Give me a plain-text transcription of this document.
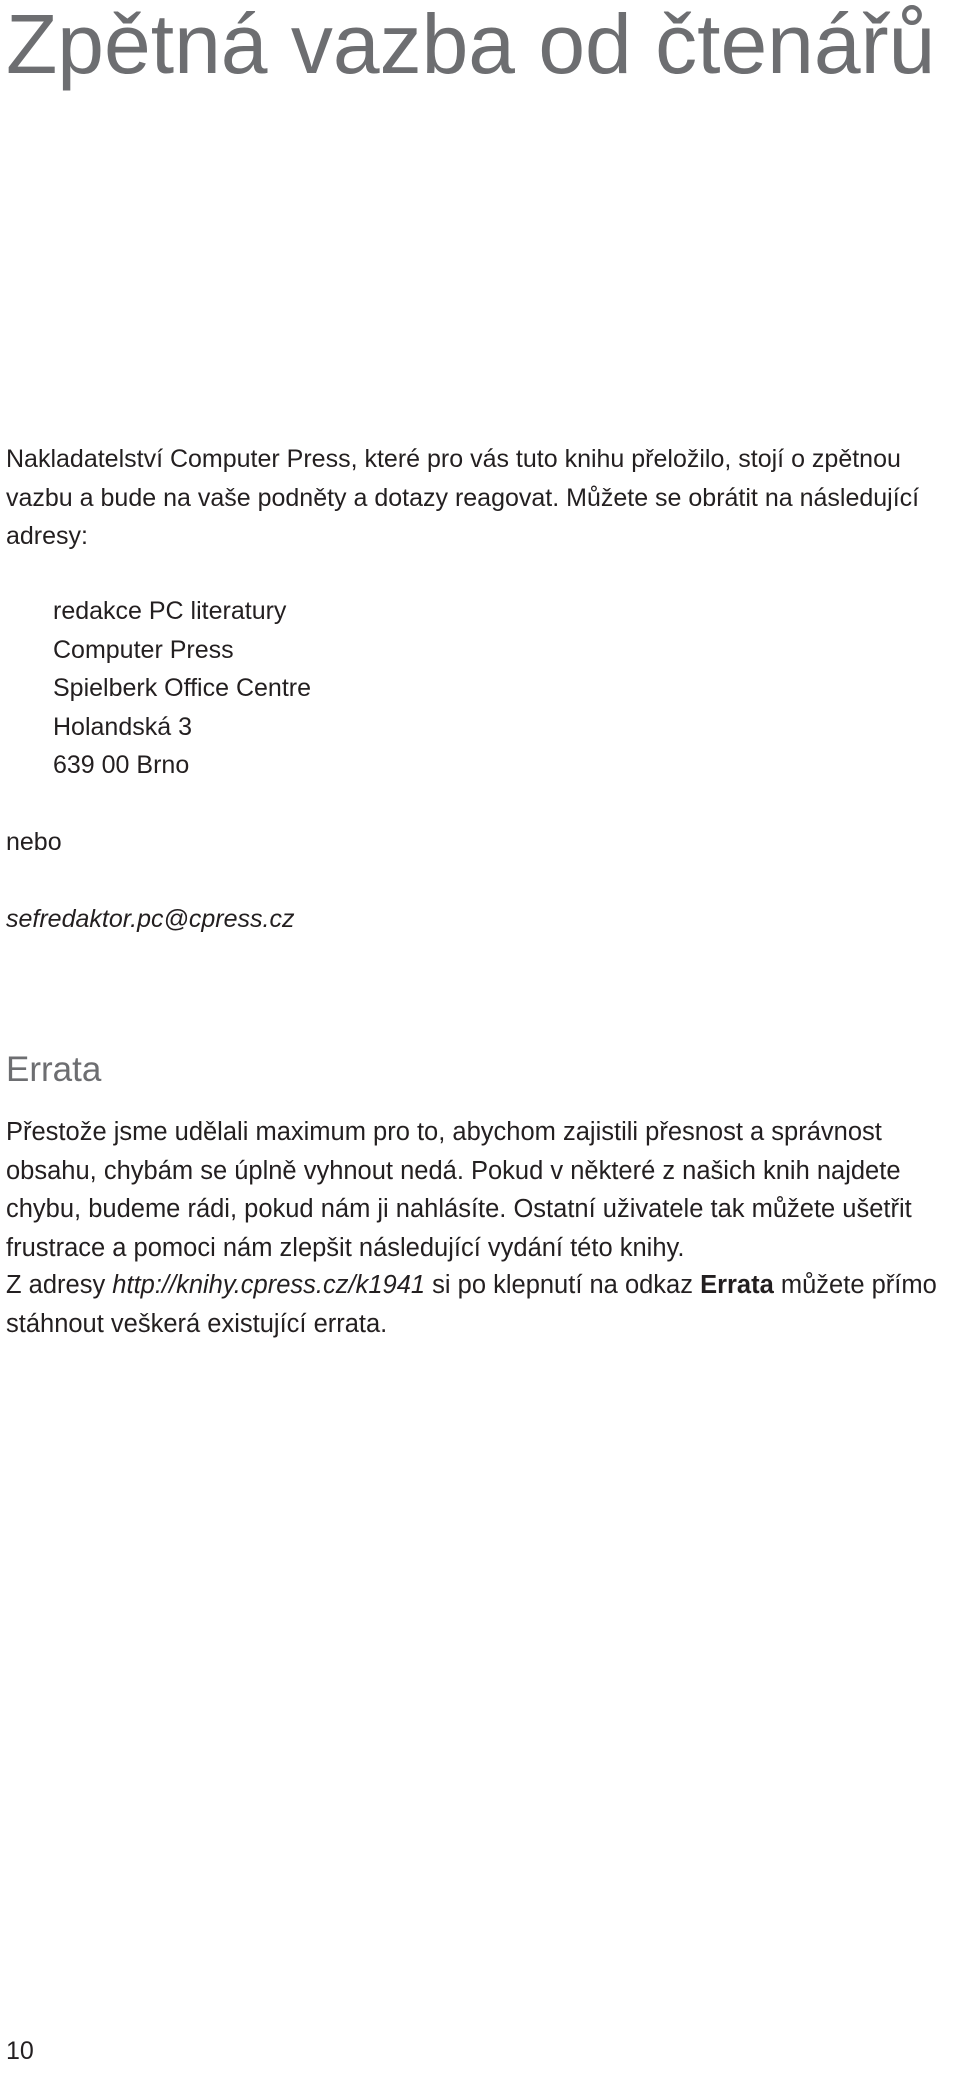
Zpětná vazba od čtenářů

Nakladatelství Computer Press, které pro vás tuto knihu přeložilo, stojí o zpětnou vazbu a bude na vaše podněty a dotazy reagovat. Můžete se obrátit na následující adresy:

redakce PC literatury
Computer Press
Spielberk Office Centre
Holandská 3
639 00 Brno

nebo

sefredaktor.pc@cpress.cz

Errata

Přestože jsme udělali maximum pro to, abychom zajistili přesnost a správnost obsahu, chybám se úplně vyhnout nedá. Pokud v některé z našich knih najdete chybu, budeme rádi, pokud nám ji nahlásíte. Ostatní uživatele tak můžete ušetřit frustrace a pomoci nám zlepšit následující vydání této knihy.

Z adresy http://knihy.cpress.cz/k1941 si po klepnutí na odkaz Errata můžete přímo stáhnout veškerá existující errata.

10
